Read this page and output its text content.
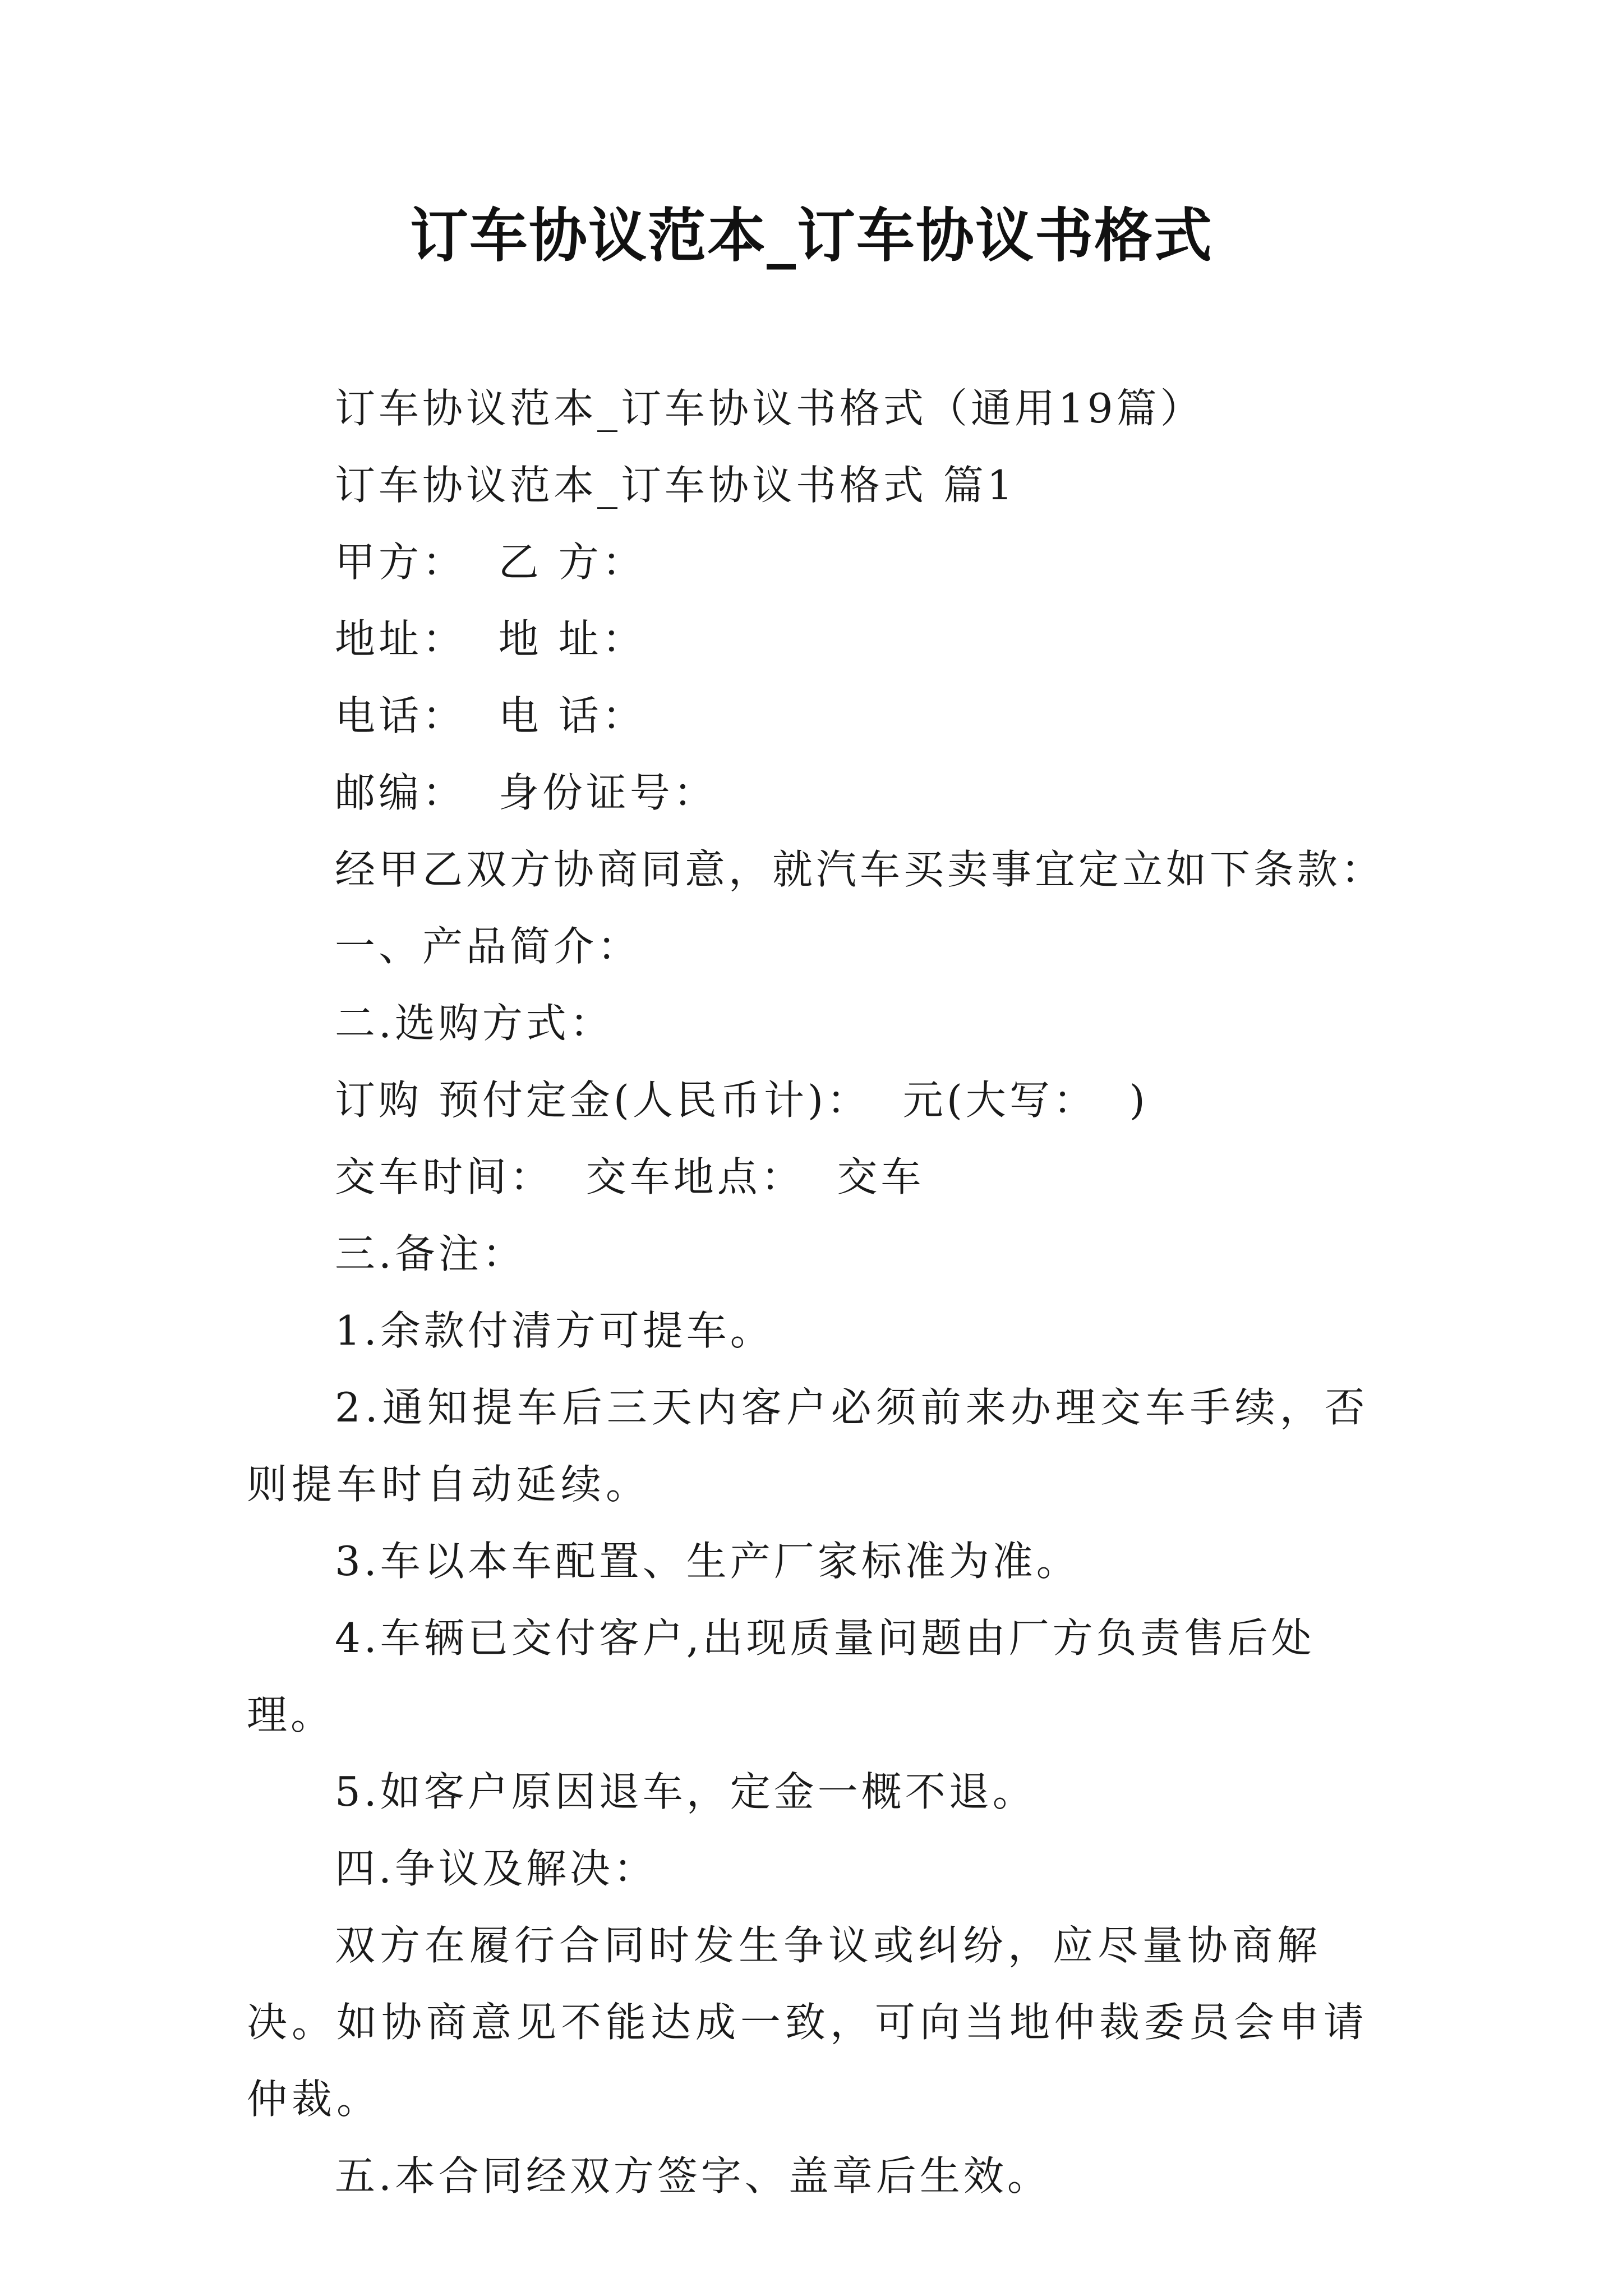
订车协议范本_订车协议书格式

订车协议范本_订车协议书格式（通用19篇）

订车协议范本_订车协议书格式 篇1

甲方：  乙 方：

地址：  地 址：

电话：  电 话：

邮编：  身份证号：

经甲乙双方协商同意，就汽车买卖事宜定立如下条款：

一、产品简介：

二.选购方式：

订购 预付定金(人民币计)：  元(大写：  )

交车时间：  交车地点：  交车

三.备注：

1.余款付清方可提车。

2.通知提车后三天内客户必须前来办理交车手续，否则提车时自动延续。

3.车以本车配置、生产厂家标准为准。

4.车辆已交付客户,出现质量问题由厂方负责售后处理。

5.如客户原因退车，定金一概不退。

四.争议及解决：

双方在履行合同时发生争议或纠纷，应尽量协商解决。如协商意见不能达成一致，可向当地仲裁委员会申请仲裁。

五.本合同经双方签字、盖章后生效。
